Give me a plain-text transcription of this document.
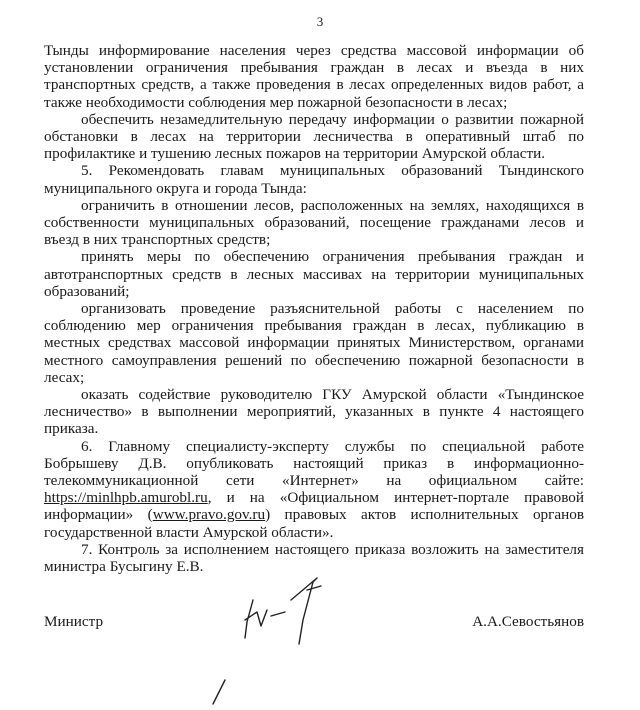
3

Тынды информирование населения через средства массовой информации об установлении ограничения пребывания граждан в лесах и въезда в них транспортных средств, а также проведения в лесах определенных видов работ, а также необходимости соблюдения мер пожарной безопасности в лесах;

обеспечить незамедлительную передачу информации о развитии пожарной обстановки в лесах на территории лесничества в оперативный штаб по профилактике и тушению лесных пожаров на территории Амурской области.

5. Рекомендовать главам муниципальных образований Тындинского муниципального округа и города Тында:

ограничить в отношении лесов, расположенных на землях, находящихся в собственности муниципальных образований, посещение гражданами лесов и въезд в них транспортных средств;

принять меры по обеспечению ограничения пребывания граждан и автотранспортных средств в лесных массивах на территории муниципальных образований;

организовать проведение разъяснительной работы с населением по соблюдению мер ограничения пребывания граждан в лесах, публикацию в местных средствах массовой информации принятых Министерством, органами местного самоуправления решений по обеспечению пожарной безопасности в лесах;

оказать содействие руководителю ГКУ Амурской области «Тындинское лесничество» в выполнении мероприятий, указанных в пункте 4 настоящего приказа.

6. Главному специалисту-эксперту службы по специальной работе Бобрышеву Д.В. опубликовать настоящий приказ в информационно-телекоммуникационной сети «Интернет» на официальном сайте: https://minlhpb.amurobl.ru, и на «Официальном интернет-портале правовой информации» (www.pravo.gov.ru) правовых актов исполнительных органов государственной власти Амурской области».

7. Контроль за исполнением настоящего приказа возложить на заместителя министра Бусыгину Е.В.

Министр	А.А.Севостьянов
